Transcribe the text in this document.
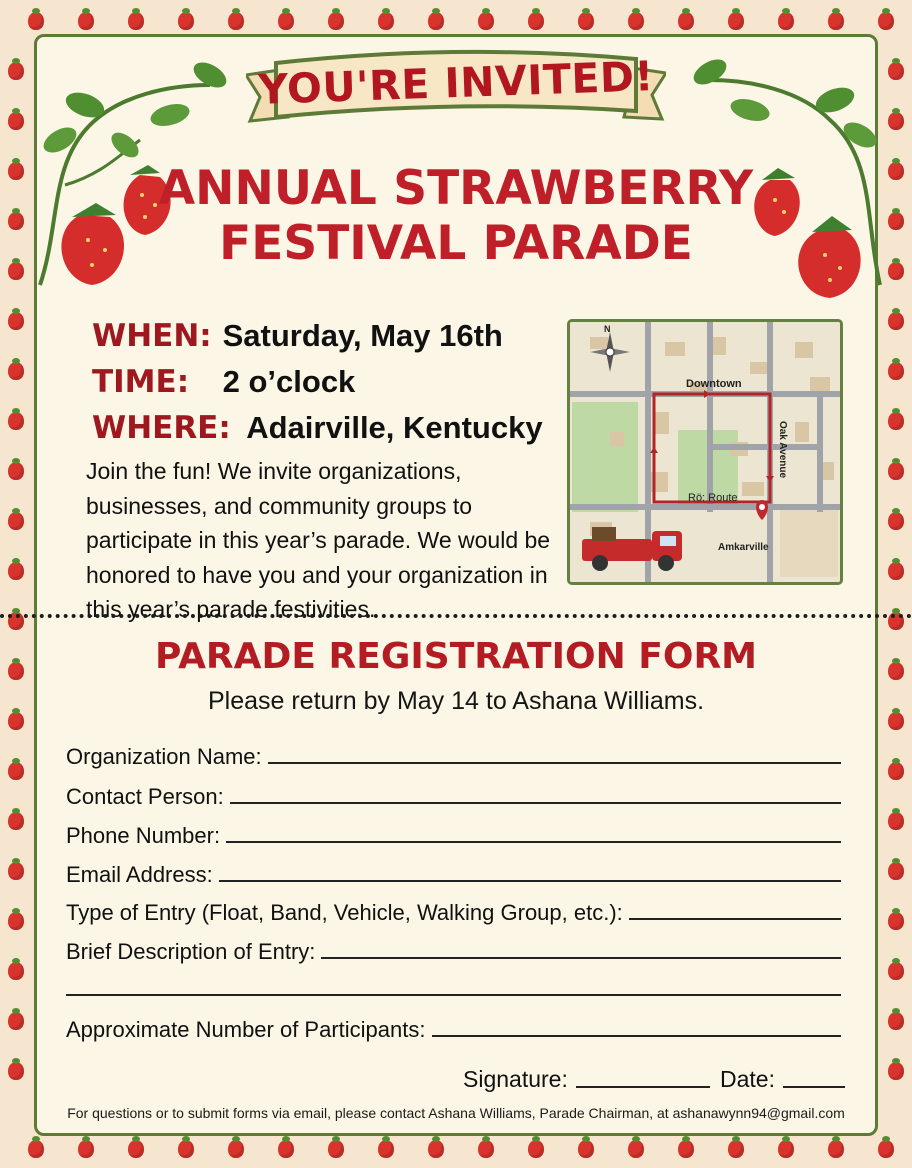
YOU'RE INVITED!
ANNUAL STRAWBERRY
FESTIVAL PARADE
WHEN: Saturday, May 16th
TIME: 2 o’clock
WHERE: Adairville, Kentucky
Join the fun! We invite organizations, businesses, and community groups to participate in this year’s parade. We would be honored to have you and your organization in this year’s parade festivities.
N
Downtown
Rö: Route
Oak Avenue
Amkarville
PARADE REGISTRATION FORM
Please return by May 14 to Ashana Williams.
Organization Name:
Contact Person:
Phone Number:
Email Address:
Type of Entry (Float, Band, Vehicle, Walking Group, etc.):
Brief Description of Entry:
Approximate Number of Participants:
Signature:	Date:
For questions or to submit forms via email, please contact Ashana Williams, Parade Chairman, at ashanawynn94@gmail.com
